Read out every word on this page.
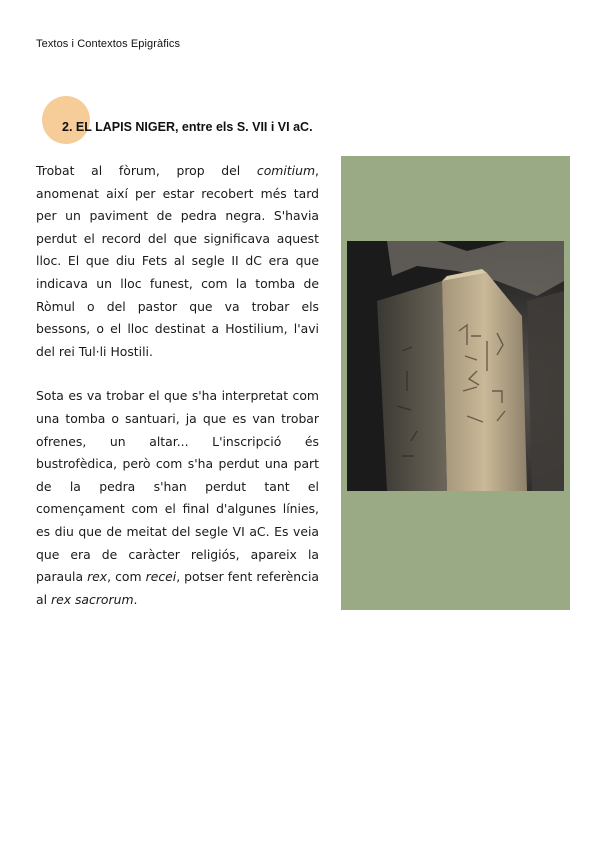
Textos i Contextos Epigràfics
2. EL LAPIS NIGER, entre els S. VII i VI aC.

Trobat al fòrum, prop del comitium, anomenat així per estar recobert més tard per un paviment de pedra negra. S'havia perdut el record del que significava aquest lloc. El que diu Fets al segle II dC era que indicava un lloc funest, com la tomba de Ròmul o del pastor que va trobar els bessons, o el lloc destinat a Hostilium, l'avi del rei Tul·li Hostili.

Sota es va trobar el que s'ha interpretat com una tomba o santuari, ja que es van trobar ofrenes, un altar... L'inscripció és bustrofèdica, però com s'ha perdut una part de la pedra s'han perdut tant el començament com el final d'algunes línies, es diu que de meitat del segle VI aC. Es veia que era de caràcter religiós, apareix la paraula rex, com recei, potser fent referència al rex sacrorum.
